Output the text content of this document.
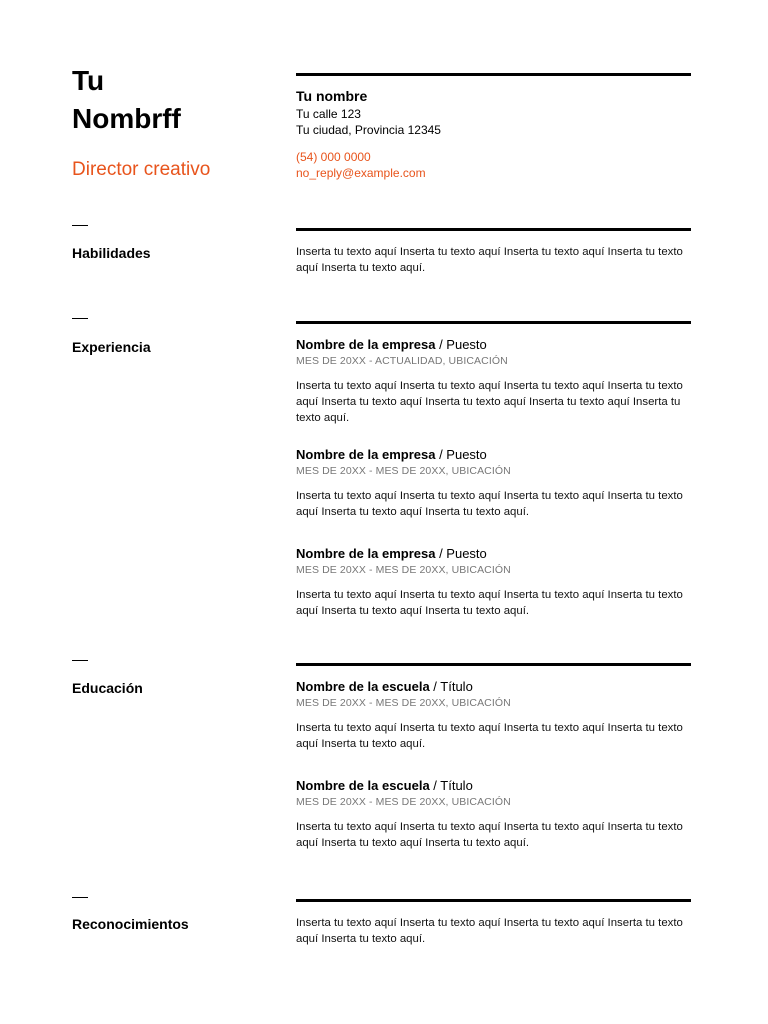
Tu
Nombrff
Director creativo
Tu nombre
Tu calle 123
Tu ciudad, Provincia 12345
(54) 000 0000
no_reply@example.com
Habilidades	Inserta tu texto aquí Inserta tu texto aquí Inserta tu texto aquí Inserta tu texto aquí Inserta tu texto aquí.
Experiencia	Nombre de la empresa / Puesto
MES DE 20XX - ACTUALIDAD, UBICACIÓN
Inserta tu texto aquí Inserta tu texto aquí Inserta tu texto aquí Inserta tu texto aquí Inserta tu texto aquí Inserta tu texto aquí Inserta tu texto aquí Inserta tu texto aquí.
Nombre de la empresa / Puesto
MES DE 20XX - MES DE 20XX, UBICACIÓN
Inserta tu texto aquí Inserta tu texto aquí Inserta tu texto aquí Inserta tu texto aquí Inserta tu texto aquí Inserta tu texto aquí.
Nombre de la empresa / Puesto
MES DE 20XX - MES DE 20XX, UBICACIÓN
Inserta tu texto aquí Inserta tu texto aquí Inserta tu texto aquí Inserta tu texto aquí Inserta tu texto aquí Inserta tu texto aquí.
Educación	Nombre de la escuela / Título
MES DE 20XX - MES DE 20XX, UBICACIÓN
Inserta tu texto aquí Inserta tu texto aquí Inserta tu texto aquí Inserta tu texto aquí Inserta tu texto aquí.
Nombre de la escuela / Título
MES DE 20XX - MES DE 20XX, UBICACIÓN
Inserta tu texto aquí Inserta tu texto aquí Inserta tu texto aquí Inserta tu texto aquí Inserta tu texto aquí Inserta tu texto aquí.
Reconocimientos	Inserta tu texto aquí Inserta tu texto aquí Inserta tu texto aquí Inserta tu texto aquí Inserta tu texto aquí.
